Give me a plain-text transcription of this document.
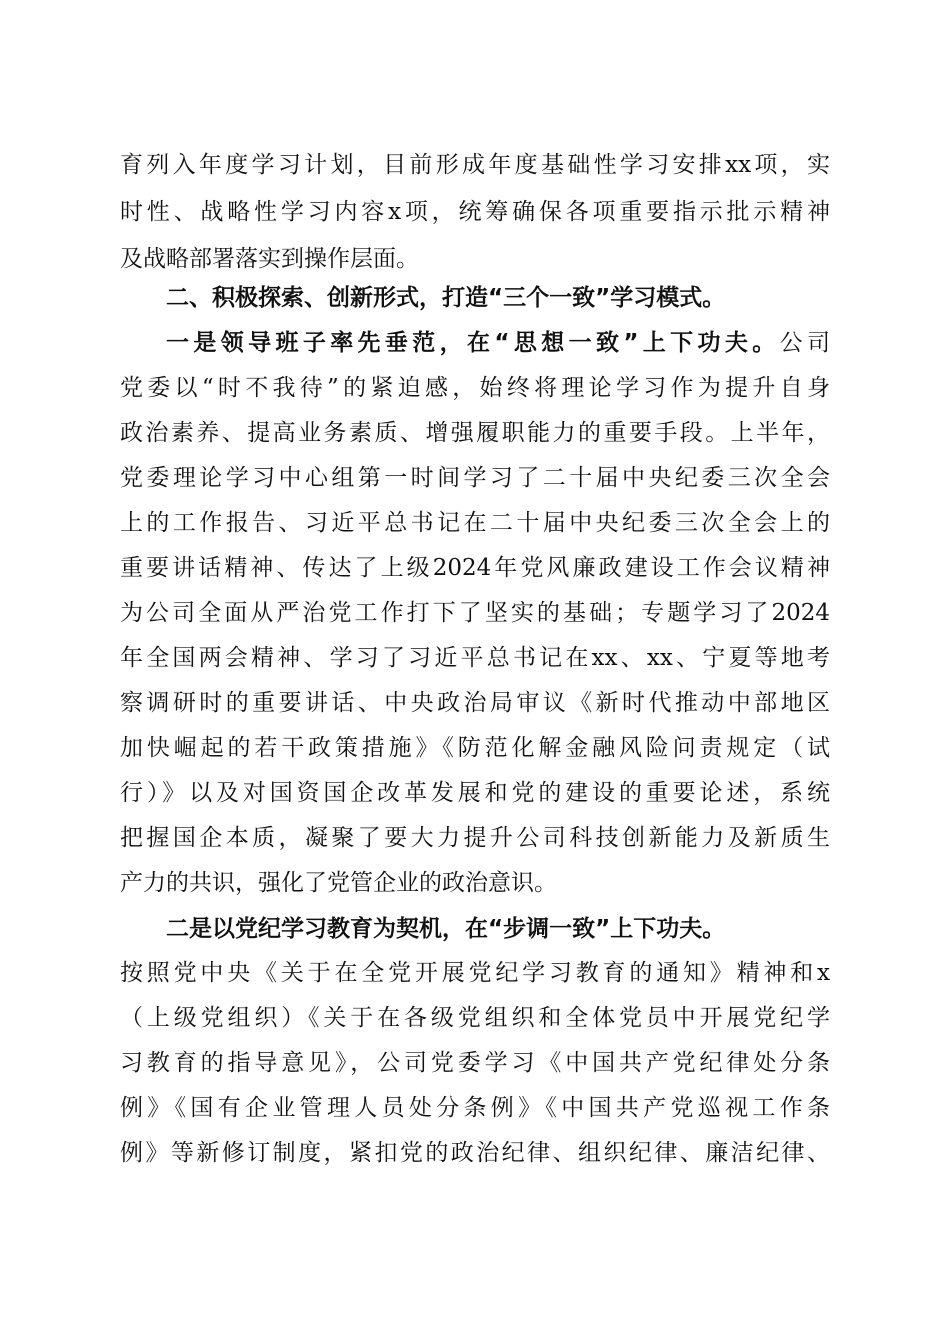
育列入年度学习计划，目前形成年度基础性学习安排xx项，实
时性、战略性学习内容x项，统筹确保各项重要指示批示精神
及战略部署落实到操作层面。
二、积极探索、创新形式，打造“三个一致”学习模式。
一是领导班子率先垂范，在“思想一致”上下功夫。公司
党委以“时不我待”的紧迫感，始终将理论学习作为提升自身
政治素养、提高业务素质、增强履职能力的重要手段。上半年，
党委理论学习中心组第一时间学习了二十届中央纪委三次全会
上的工作报告、习近平总书记在二十届中央纪委三次全会上的
重要讲话精神、传达了上级2024年党风廉政建设工作会议精神
为公司全面从严治党工作打下了坚实的基础；专题学习了2024
年全国两会精神、学习了习近平总书记在xx、xx、宁夏等地考
察调研时的重要讲话、中央政治局审议《新时代推动中部地区
加快崛起的若干政策措施》《防范化解金融风险问责规定（试
行）》以及对国资国企改革发展和党的建设的重要论述，系统
把握国企本质，凝聚了要大力提升公司科技创新能力及新质生
产力的共识，强化了党管企业的政治意识。
二是以党纪学习教育为契机，在“步调一致”上下功夫。
按照党中央《关于在全党开展党纪学习教育的通知》精神和x
（上级党组织）《关于在各级党组织和全体党员中开展党纪学
习教育的指导意见》，公司党委学习《中国共产党纪律处分条
例》《国有企业管理人员处分条例》《中国共产党巡视工作条
例》等新修订制度，紧扣党的政治纪律、组织纪律、廉洁纪律、
